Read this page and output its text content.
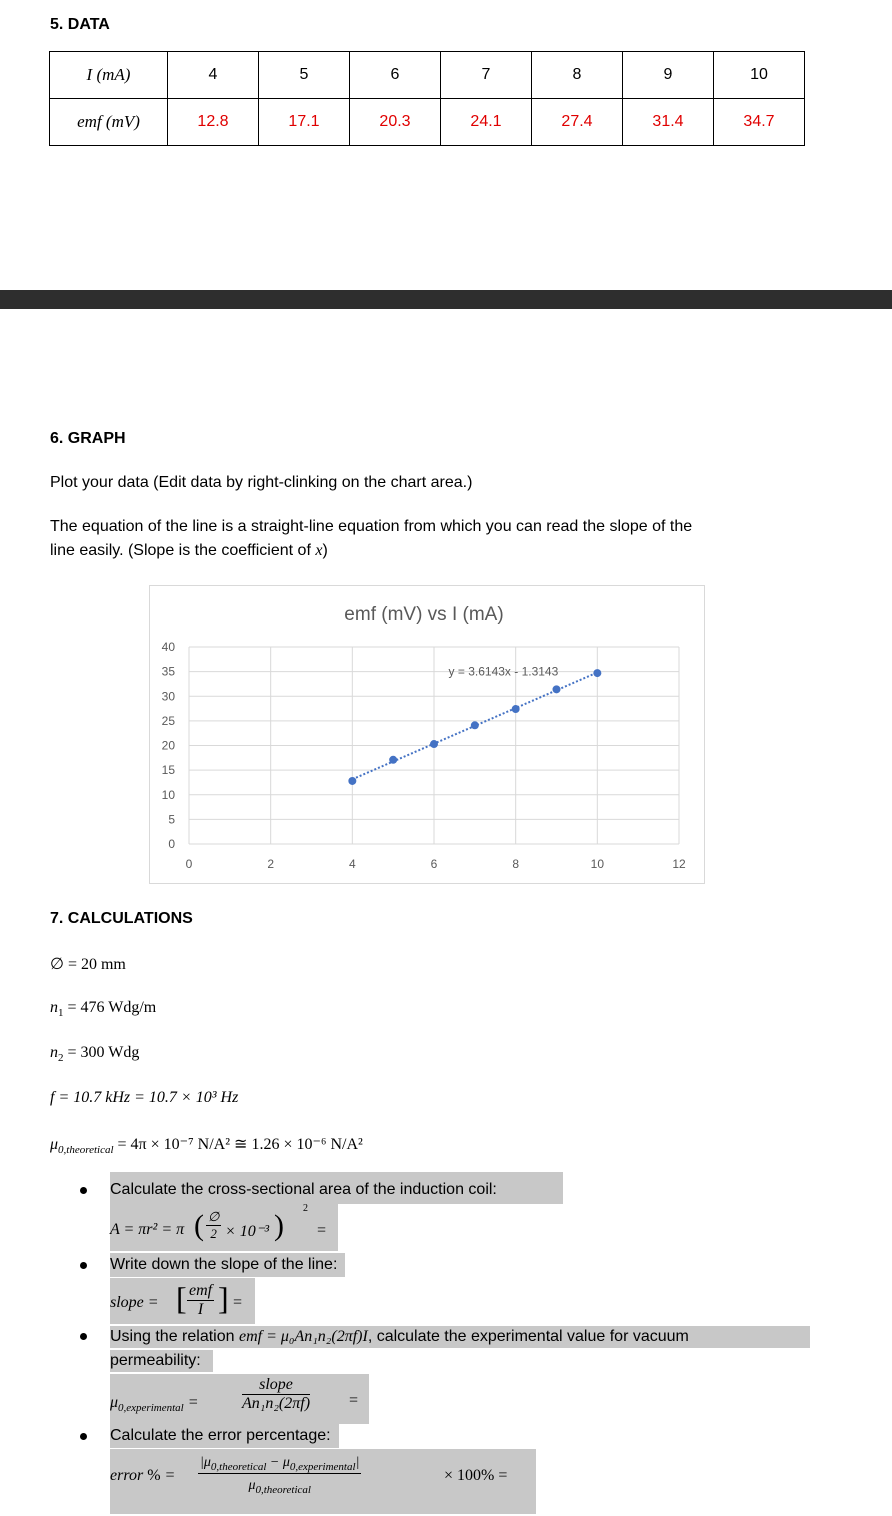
5. DATA
I (mA)	4	5	6	7	8	9	10
emf (mV)	12.8	17.1	20.3	24.1	27.4	31.4	34.7
6. GRAPH
Plot your data (Edit data by right-clinking on the chart area.)
The equation of the line is a straight-line equation from which you can read the slope of the
line easily. (Slope is the coefficient of x)
emf (mV) vs I (mA)
0
5
10
15
20
25
30
35
40
0	2	4	6	8	10	12
y = 3.6143x - 1.3143
7. CALCULATIONS
∅ = 20 mm
$n_1 = 476$ Wdg/m
$n_2 = 300$ Wdg
f = 10.7 kHz = 10.7 × 10³ Hz
$\mu_{0,theoretical} = 4\pi \times 10^{-7}$ N/A² ≅ 1.26 × 10⁻⁶ N/A²
Calculate the cross-sectional area of the induction coil:
A = πr² = π ( ∅
2 × 10⁻³ )
2
=
Write down the slope of the line:
slope = [ emf
I ] =
Using the relation emf = μ₀An₁n₂(2πf)I, calculate the experimental value for vacuum
permeability:
$\mu_{0,experimental}$ =
slope
An₁n₂(2πf) =
Calculate the error percentage:
error % =
$|\mu_{0,theoretical} - \mu_{0,experimental}|$
$\mu_{0,theoretical}$
× 100% =
